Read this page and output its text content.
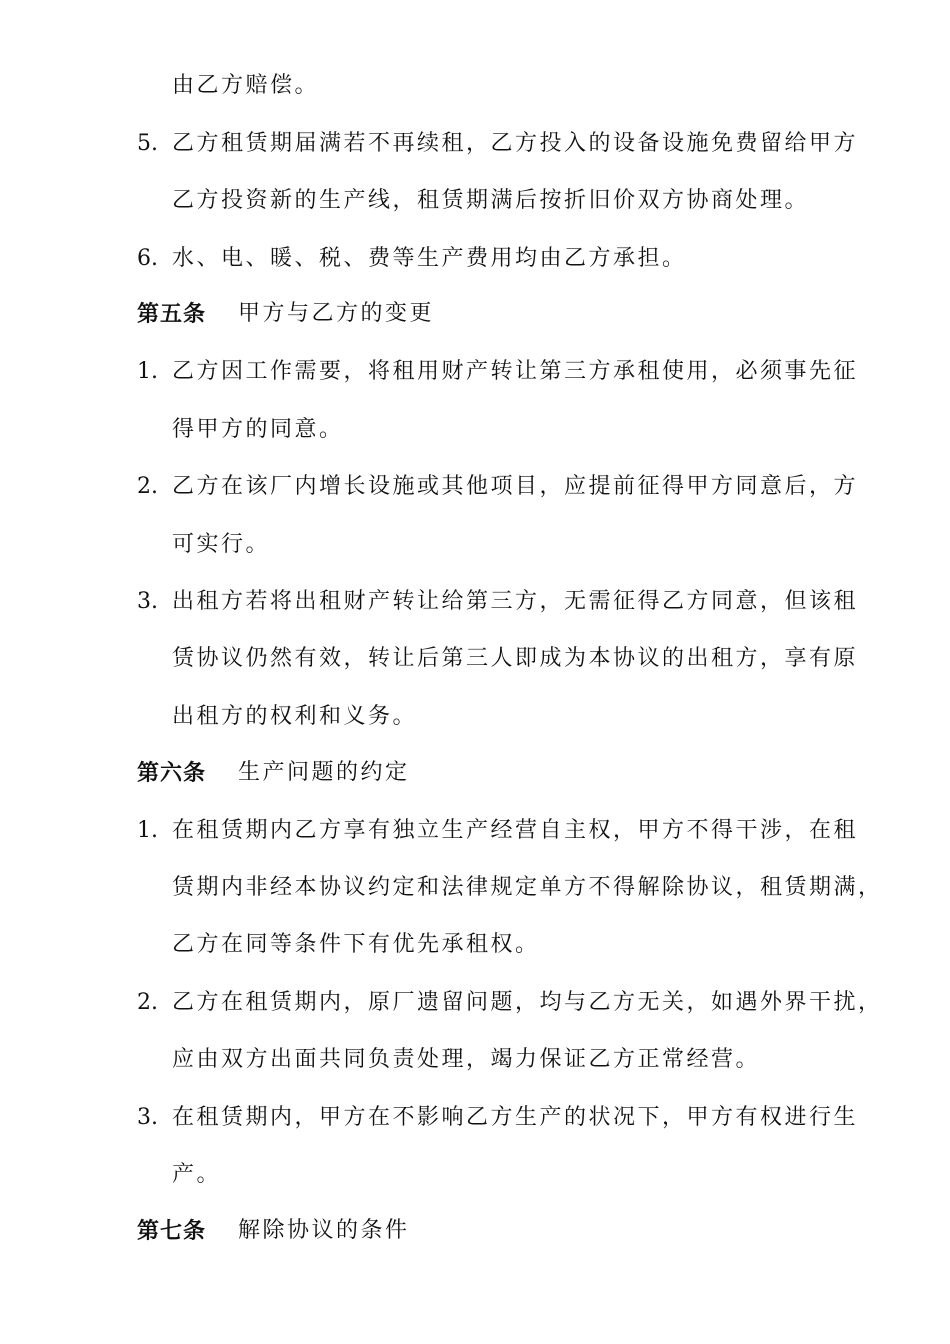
由乙方赔偿。
5. 乙方租赁期届满若不再续租，乙方投入的设备设施免费留给甲方
乙方投资新的生产线，租赁期满后按折旧价双方协商处理。
6. 水、电、暖、税、费等生产费用均由乙方承担。
第五条 甲方与乙方的变更
1. 乙方因工作需要，将租用财产转让第三方承租使用，必须事先征
得甲方的同意。
2. 乙方在该厂内增长设施或其他项目，应提前征得甲方同意后，方
可实行。
3. 出租方若将出租财产转让给第三方，无需征得乙方同意，但该租
赁协议仍然有效，转让后第三人即成为本协议的出租方，享有原
出租方的权利和义务。
第六条 生产问题的约定
1. 在租赁期内乙方享有独立生产经营自主权，甲方不得干涉，在租
赁期内非经本协议约定和法律规定单方不得解除协议，租赁期满，
乙方在同等条件下有优先承租权。
2. 乙方在租赁期内，原厂遗留问题，均与乙方无关，如遇外界干扰，
应由双方出面共同负责处理，竭力保证乙方正常经营。
3. 在租赁期内，甲方在不影响乙方生产的状况下，甲方有权进行生
产。
第七条 解除协议的条件
